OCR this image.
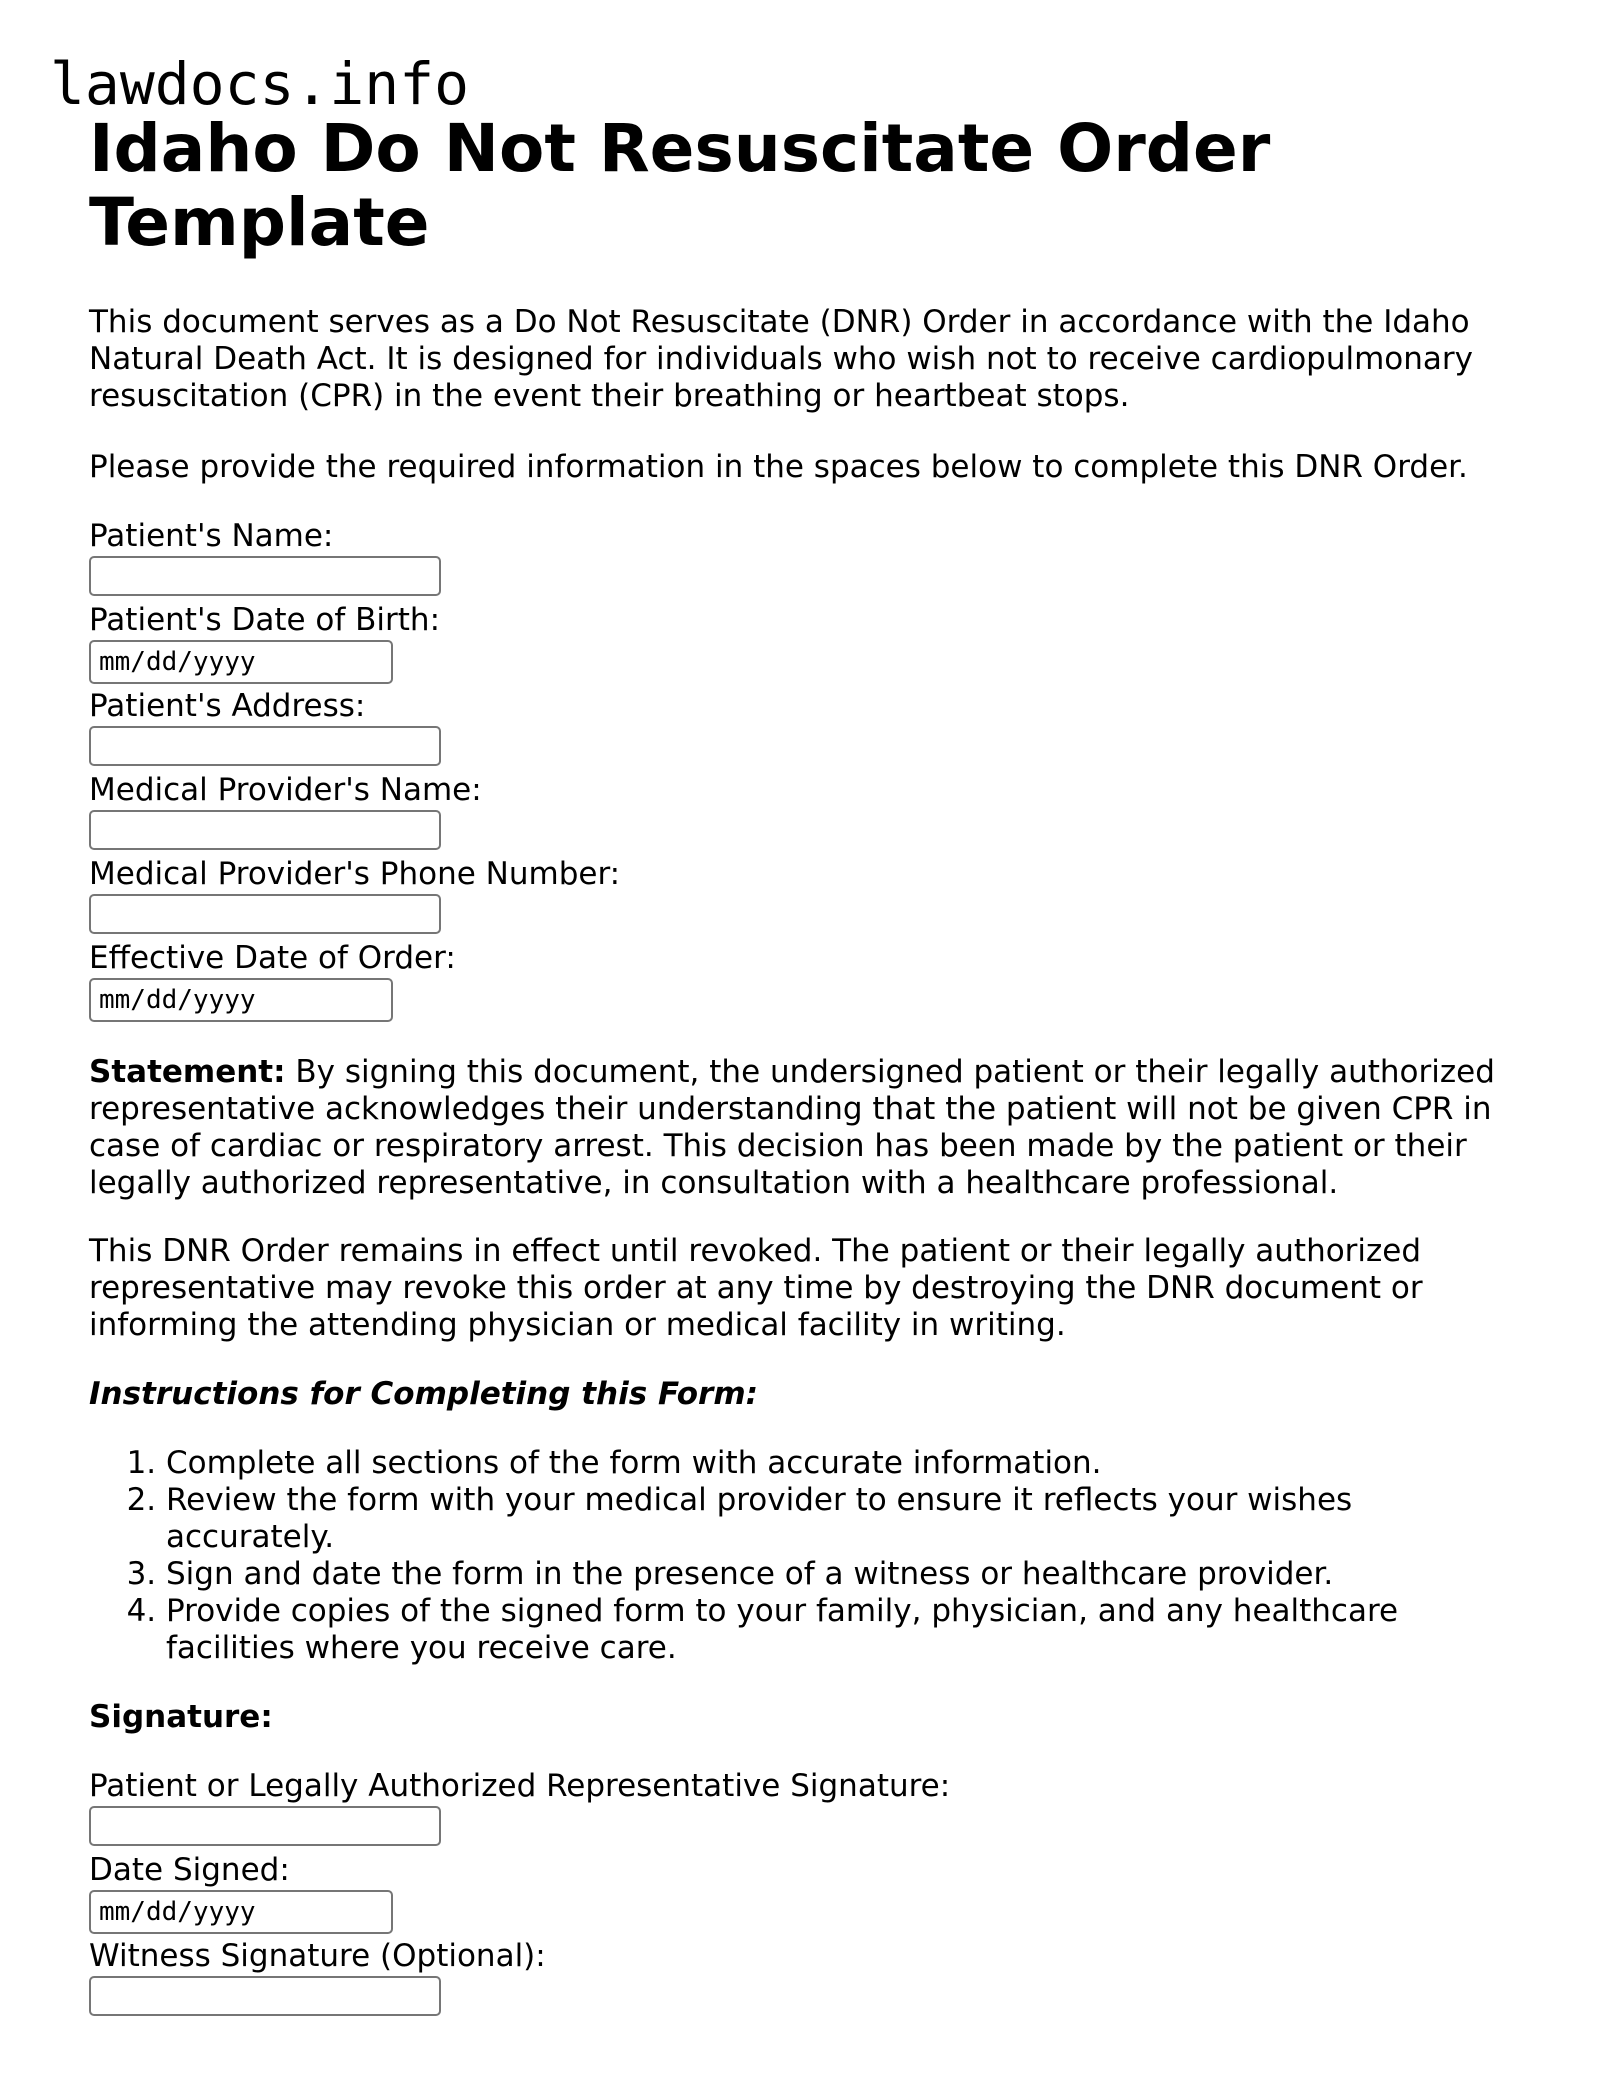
lawdocs.info
Idaho Do Not Resuscitate Order Template

This document serves as a Do Not Resuscitate (DNR) Order in accordance with the Idaho Natural Death Act. It is designed for individuals who wish not to receive cardiopulmonary resuscitation (CPR) in the event their breathing or heartbeat stops.

Please provide the required information in the spaces below to complete this DNR Order.

Patient's Name:
Patient's Date of Birth:
mm/dd/yyyy
Patient's Address:
Medical Provider's Name:
Medical Provider's Phone Number:
Effective Date of Order:
mm/dd/yyyy

Statement: By signing this document, the undersigned patient or their legally authorized representative acknowledges their understanding that the patient will not be given CPR in case of cardiac or respiratory arrest. This decision has been made by the patient or their legally authorized representative, in consultation with a healthcare professional.

This DNR Order remains in effect until revoked. The patient or their legally authorized representative may revoke this order at any time by destroying the DNR document or informing the attending physician or medical facility in writing.

Instructions for Completing this Form:

1. Complete all sections of the form with accurate information.
2. Review the form with your medical provider to ensure it reflects your wishes accurately.
3. Sign and date the form in the presence of a witness or healthcare provider.
4. Provide copies of the signed form to your family, physician, and any healthcare facilities where you receive care.

Signature:

Patient or Legally Authorized Representative Signature:
Date Signed:
mm/dd/yyyy
Witness Signature (Optional):
